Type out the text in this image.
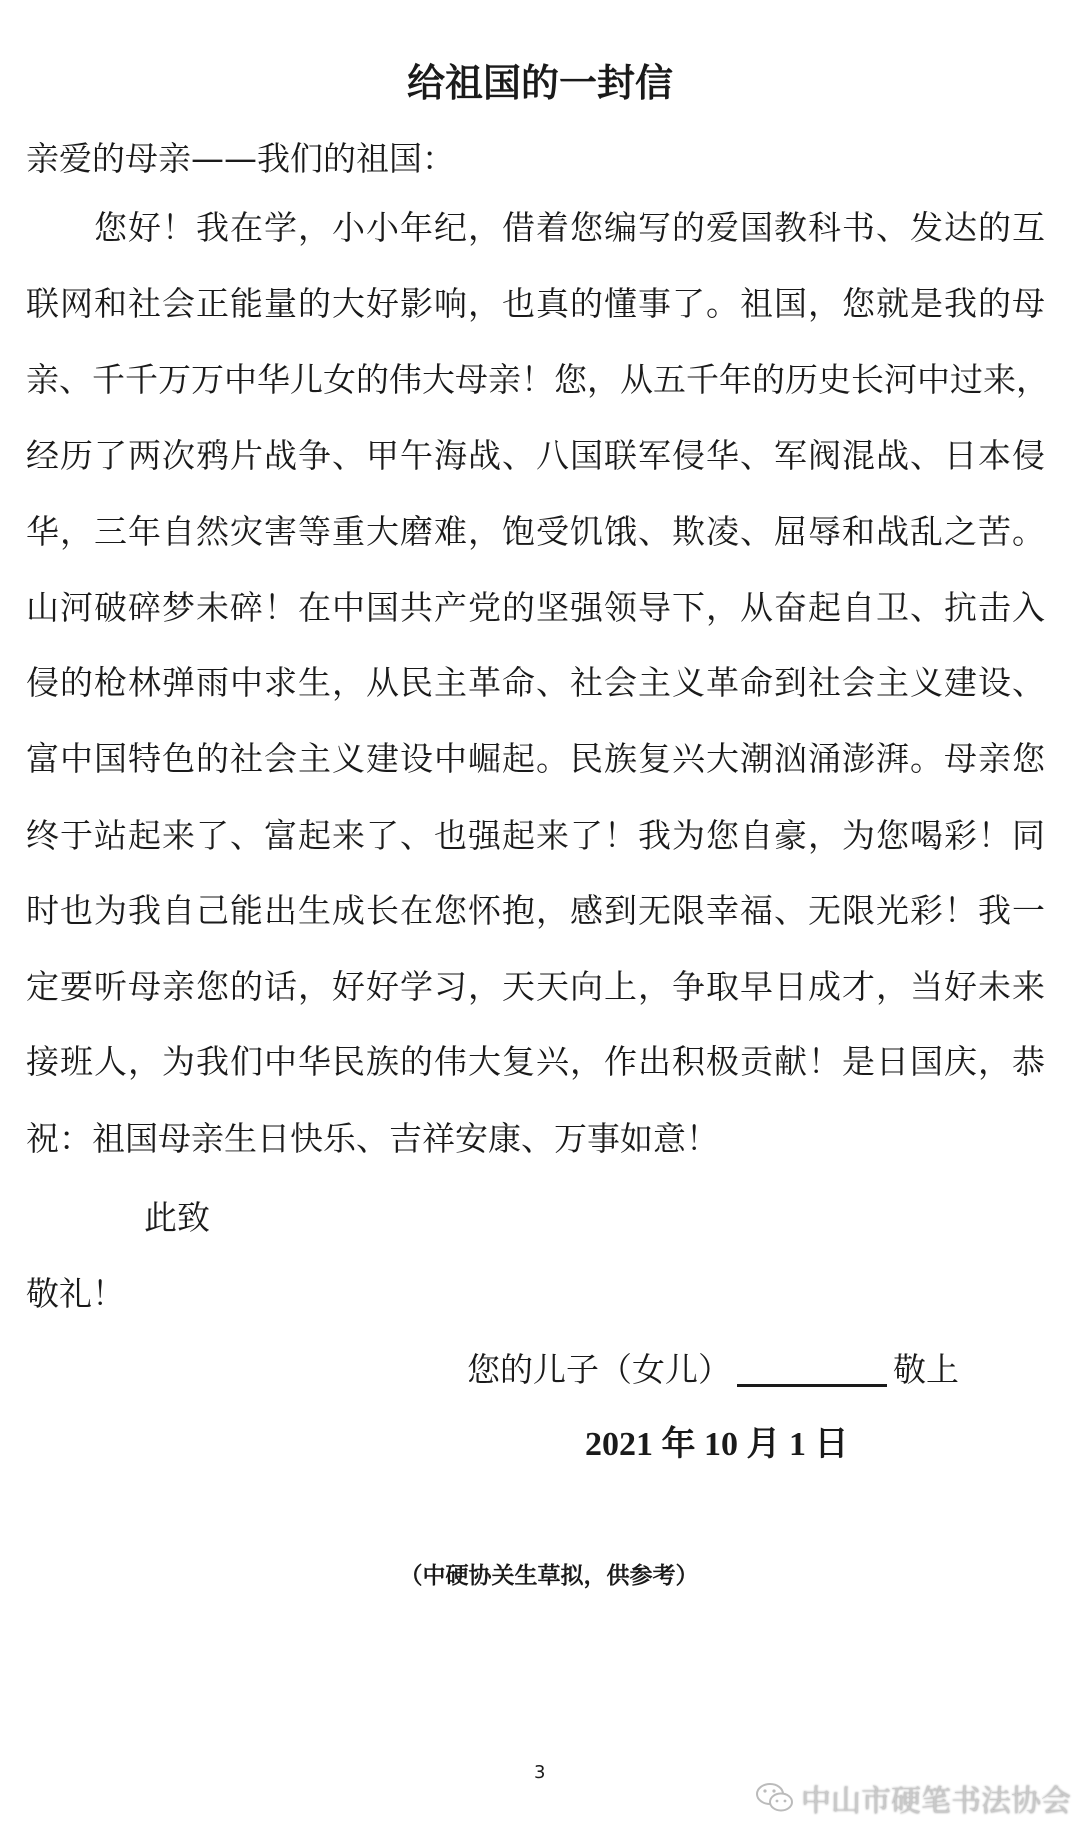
给祖国的一封信
亲爱的母亲——我们的祖国：
您好！我在学，小小年纪，借着您编写的爱国教科书、发达的互
联网和社会正能量的大好影响，也真的懂事了。祖国，您就是我的母
亲、千千万万中华儿女的伟大母亲！您，从五千年的历史长河中过来，
经历了两次鸦片战争、甲午海战、八国联军侵华、军阀混战、日本侵
华，三年自然灾害等重大磨难，饱受饥饿、欺凌、屈辱和战乱之苦。
山河破碎梦未碎！在中国共产党的坚强领导下，从奋起自卫、抗击入
侵的枪林弹雨中求生，从民主革命、社会主义革命到社会主义建设、
富中国特色的社会主义建设中崛起。民族复兴大潮汹涌澎湃。母亲您
终于站起来了、富起来了、也强起来了！我为您自豪，为您喝彩！同
时也为我自己能出生成长在您怀抱，感到无限幸福、无限光彩！我一
定要听母亲您的话，好好学习，天天向上，争取早日成才，当好未来
接班人，为我们中华民族的伟大复兴，作出积极贡献！是日国庆，恭
祝：祖国母亲生日快乐、吉祥安康、万事如意！
此致
敬礼！
您的儿子（女儿）	敬上
2021 年 10 月 1 日
（中硬协关生草拟，供参考）
3
中山市硬笔书法协会
